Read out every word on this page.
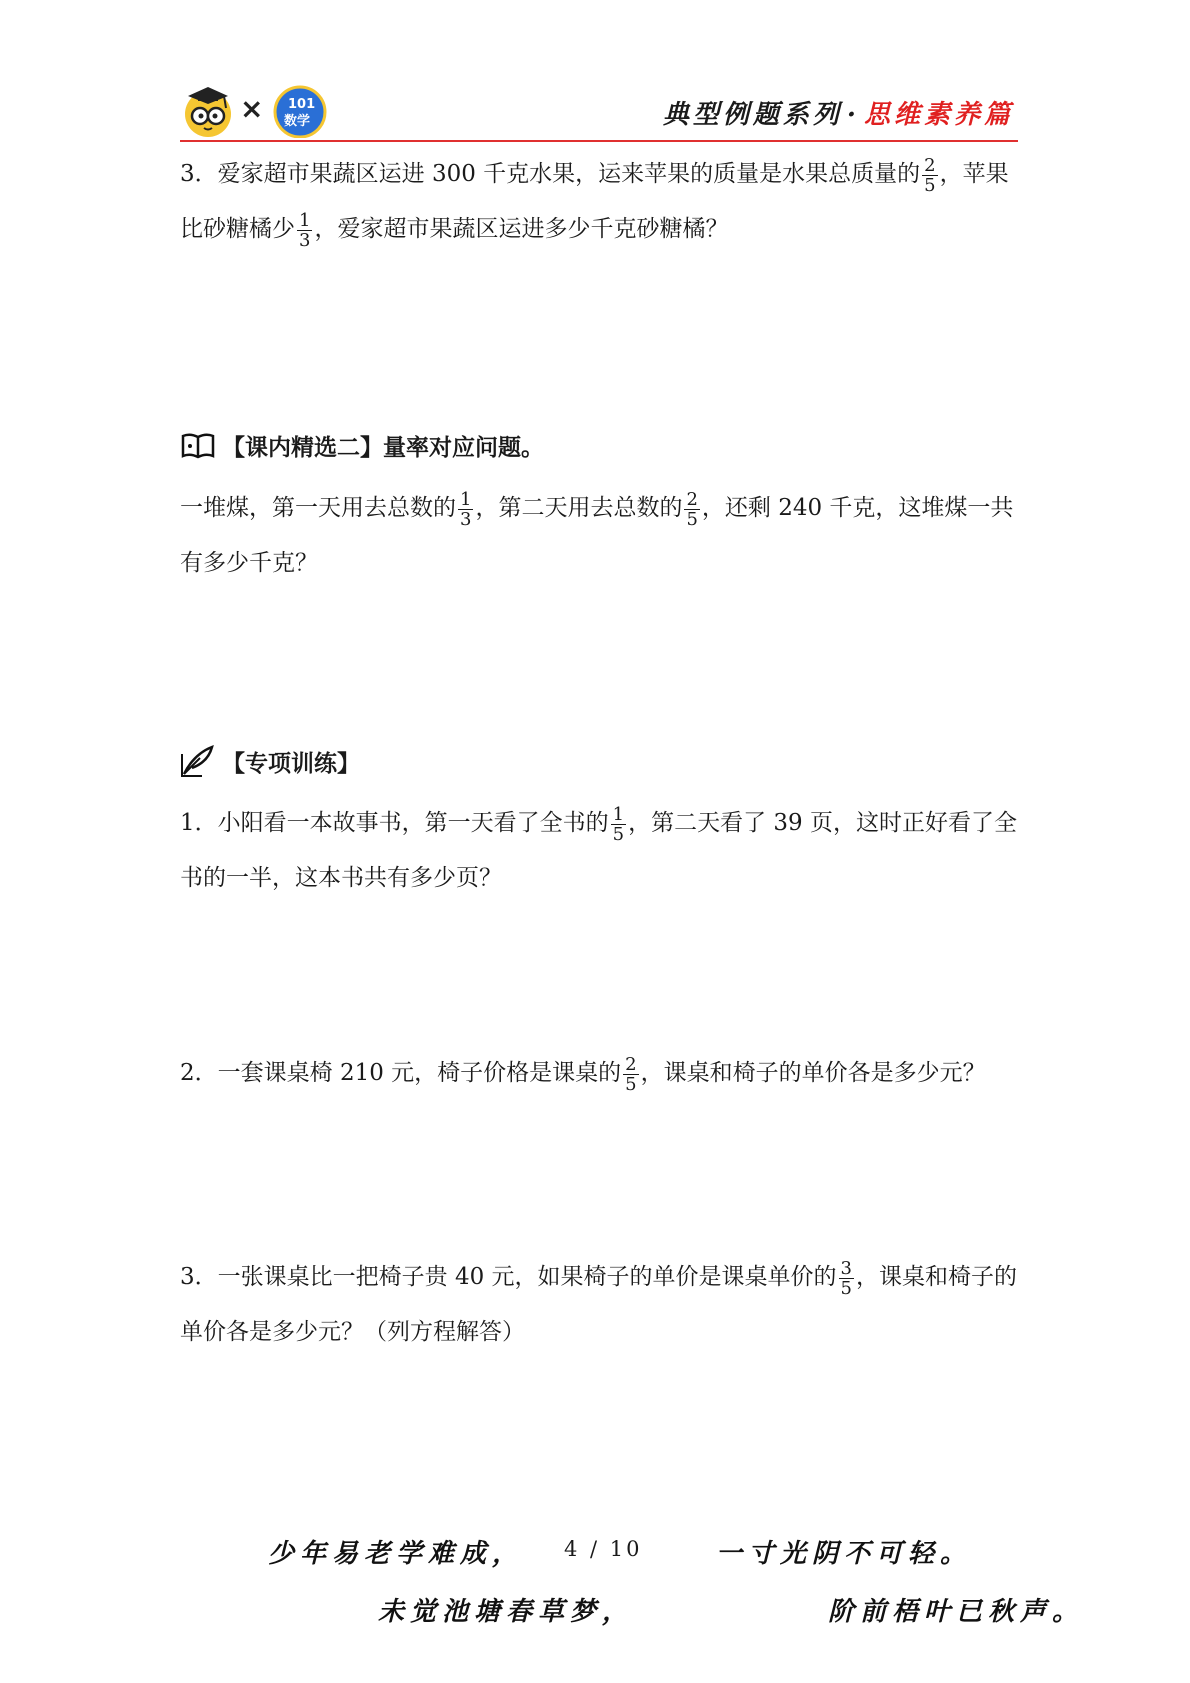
× 101
数学	典型例题系列 · 思维素养篇
3．爱家超市果蔬区运进 300 千克水果，运来苹果的质量是水果总质量的 $\frac{2}{5}$ ，苹果比砂糖橘少 $\frac{1}{3}$ ，爱家超市果蔬区运进多少千克砂糖橘？
【课内精选二】量率对应问题。
一堆煤，第一天用去总数的 $\frac{1}{3}$ ，第二天用去总数的 $\frac{2}{5}$ ，还剩 240 千克，这堆煤一共有多少千克？
【专项训练】
1．小阳看一本故事书，第一天看了全书的 $\frac{1}{5}$ ，第二天看了 39 页，这时正好看了全书的一半，这本书共有多少页？
2．一套课桌椅 210 元，椅子价格是课桌的 $\frac{2}{5}$ ，课桌和椅子的单价各是多少元？
3．一张课桌比一把椅子贵 40 元，如果椅子的单价是课桌单价的 $\frac{3}{5}$ ，课桌和椅子的单价各是多少元？（列方程解答）
少年易老学难成， 4 / 10	一寸光阴不可轻。
未觉池塘春草梦，	阶前梧叶已秋声。
